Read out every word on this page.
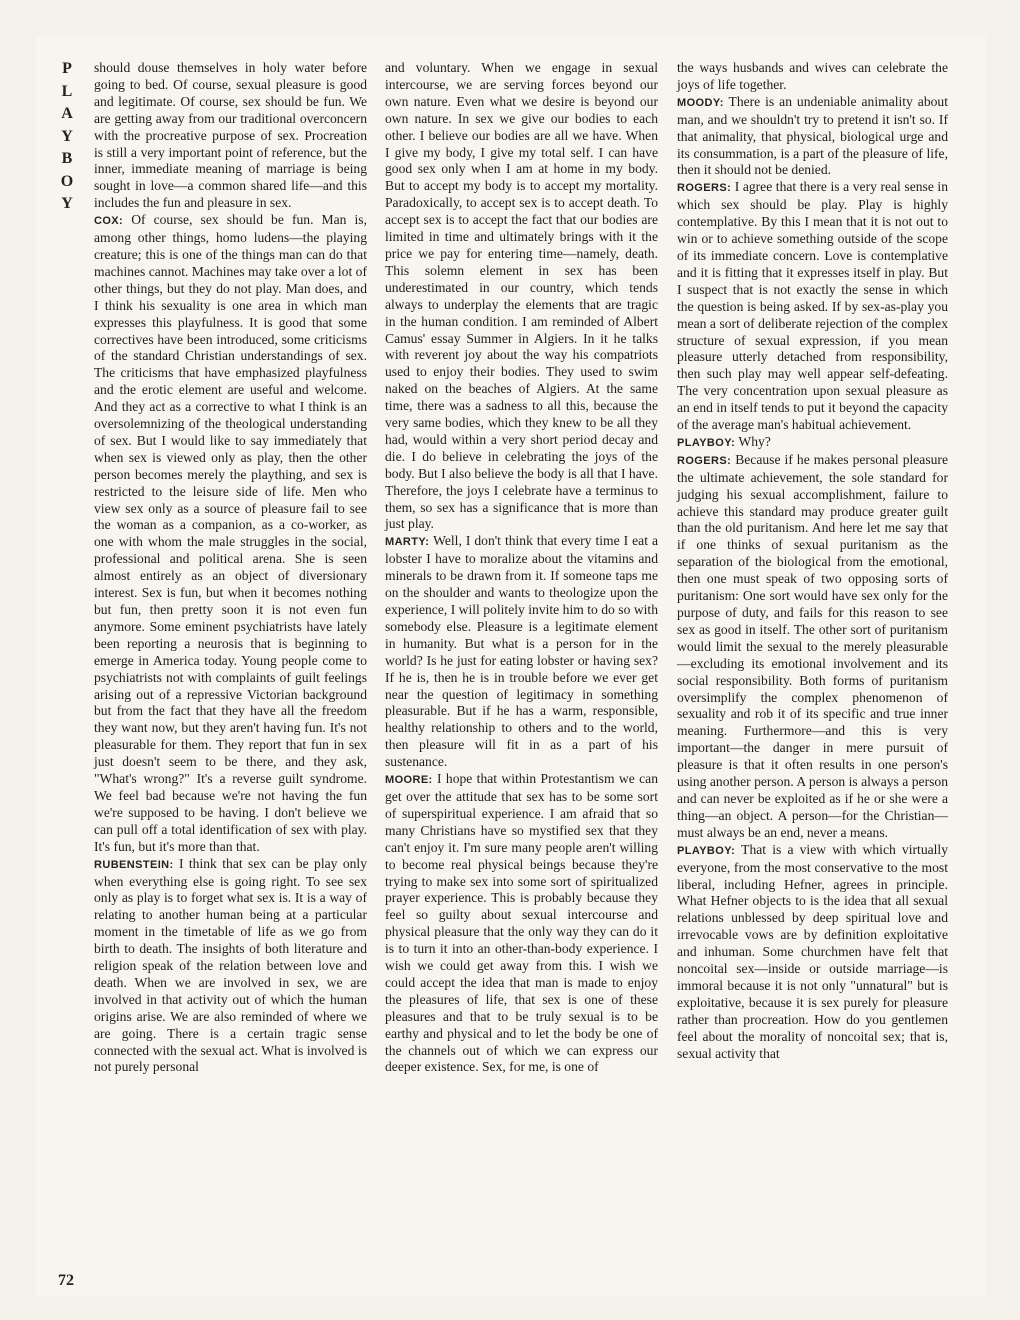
P
L
A
Y
B
O
Y

should douse themselves in holy water before going to bed. Of course, sexual pleasure is good and legitimate. Of course, sex should be fun. We are getting away from our traditional overconcern with the procreative purpose of sex. Procreation is still a very important point of reference, but the inner, immediate meaning of marriage is being sought in love—a common shared life—and this includes the fun and pleasure in sex.

COX: Of course, sex should be fun. Man is, among other things, homo ludens—the playing creature; this is one of the things man can do that machines cannot. Machines may take over a lot of other things, but they do not play. Man does, and I think his sexuality is one area in which man expresses this playfulness. It is good that some correctives have been introduced, some criticisms of the standard Christian understandings of sex. The criticisms that have emphasized playfulness and the erotic element are useful and welcome. And they act as a corrective to what I think is an oversolemnizing of the theological understanding of sex. But I would like to say immediately that when sex is viewed only as play, then the other person becomes merely the plaything, and sex is restricted to the leisure side of life. Men who view sex only as a source of pleasure fail to see the woman as a companion, as a co-worker, as one with whom the male struggles in the social, professional and political arena. She is seen almost entirely as an object of diversionary interest. Sex is fun, but when it becomes nothing but fun, then pretty soon it is not even fun anymore. Some eminent psychiatrists have lately been reporting a neurosis that is beginning to emerge in America today. Young people come to psychiatrists not with complaints of guilt feelings arising out of a repressive Victorian background but from the fact that they have all the freedom they want now, but they aren't having fun. It's not pleasurable for them. They report that fun in sex just doesn't seem to be there, and they ask, "What's wrong?" It's a reverse guilt syndrome. We feel bad because we're not having the fun we're supposed to be having. I don't believe we can pull off a total identification of sex with play. It's fun, but it's more than that.

RUBENSTEIN: I think that sex can be play only when everything else is going right. To see sex only as play is to forget what sex is. It is a way of relating to another human being at a particular moment in the timetable of life as we go from birth to death. The insights of both literature and religion speak of the relation between love and death. When we are involved in sex, we are involved in that activity out of which the human origins arise. We are also reminded of where we are going. There is a certain tragic sense connected with the sexual act. What is involved is not purely personal

and voluntary. When we engage in sexual intercourse, we are serving forces beyond our own nature. Even what we desire is beyond our own nature. In sex we give our bodies to each other. I believe our bodies are all we have. When I give my body, I give my total self. I can have good sex only when I am at home in my body. But to accept my body is to accept my mortality. Paradoxically, to accept sex is to accept death. To accept sex is to accept the fact that our bodies are limited in time and ultimately brings with it the price we pay for entering time—namely, death. This solemn element in sex has been underestimated in our country, which tends always to underplay the elements that are tragic in the human condition. I am reminded of Albert Camus' essay Summer in Algiers. In it he talks with reverent joy about the way his compatriots used to enjoy their bodies. They used to swim naked on the beaches of Algiers. At the same time, there was a sadness to all this, because the very same bodies, which they knew to be all they had, would within a very short period decay and die. I do believe in celebrating the joys of the body. But I also believe the body is all that I have. Therefore, the joys I celebrate have a terminus to them, so sex has a significance that is more than just play.

MARTY: Well, I don't think that every time I eat a lobster I have to moralize about the vitamins and minerals to be drawn from it. If someone taps me on the shoulder and wants to theologize upon the experience, I will politely invite him to do so with somebody else. Pleasure is a legitimate element in humanity. But what is a person for in the world? Is he just for eating lobster or having sex? If he is, then he is in trouble before we ever get near the question of legitimacy in something pleasurable. But if he has a warm, responsible, healthy relationship to others and to the world, then pleasure will fit in as a part of his sustenance.

MOORE: I hope that within Protestantism we can get over the attitude that sex has to be some sort of superspiritual experience. I am afraid that so many Christians have so mystified sex that they can't enjoy it. I'm sure many people aren't willing to become real physical beings because they're trying to make sex into some sort of spiritualized prayer experience. This is probably because they feel so guilty about sexual intercourse and physical pleasure that the only way they can do it is to turn it into an other-than-body experience. I wish we could get away from this. I wish we could accept the idea that man is made to enjoy the pleasures of life, that sex is one of these pleasures and that to be truly sexual is to be earthy and physical and to let the body be one of the channels out of which we can express our deeper existence. Sex, for me, is one of

the ways husbands and wives can celebrate the joys of life together.

MOODY: There is an undeniable animality about man, and we shouldn't try to pretend it isn't so. If that animality, that physical, biological urge and its consummation, is a part of the pleasure of life, then it should not be denied.

ROGERS: I agree that there is a very real sense in which sex should be play. Play is highly contemplative. By this I mean that it is not out to win or to achieve something outside of the scope of its immediate concern. Love is contemplative and it is fitting that it expresses itself in play. But I suspect that is not exactly the sense in which the question is being asked. If by sex-as-play you mean a sort of deliberate rejection of the complex structure of sexual expression, if you mean pleasure utterly detached from responsibility, then such play may well appear self-defeating. The very concentration upon sexual pleasure as an end in itself tends to put it beyond the capacity of the average man's habitual achievement.

PLAYBOY: Why?

ROGERS: Because if he makes personal pleasure the ultimate achievement, the sole standard for judging his sexual accomplishment, failure to achieve this standard may produce greater guilt than the old puritanism. And here let me say that if one thinks of sexual puritanism as the separation of the biological from the emotional, then one must speak of two opposing sorts of puritanism: One sort would have sex only for the purpose of duty, and fails for this reason to see sex as good in itself. The other sort of puritanism would limit the sexual to the merely pleasurable—excluding its emotional involvement and its social responsibility. Both forms of puritanism oversimplify the complex phenomenon of sexuality and rob it of its specific and true inner meaning. Furthermore—and this is very important—the danger in mere pursuit of pleasure is that it often results in one person's using another person. A person is always a person and can never be exploited as if he or she were a thing—an object. A person—for the Christian—must always be an end, never a means.

PLAYBOY: That is a view with which virtually everyone, from the most conservative to the most liberal, including Hefner, agrees in principle. What Hefner objects to is the idea that all sexual relations unblessed by deep spiritual love and irrevocable vows are by definition exploitative and inhuman. Some churchmen have felt that noncoital sex—inside or outside marriage—is immoral because it is not only "unnatural" but is exploitative, because it is sex purely for pleasure rather than procreation. How do you gentlemen feel about the morality of noncoital sex; that is, sexual activity that

72
